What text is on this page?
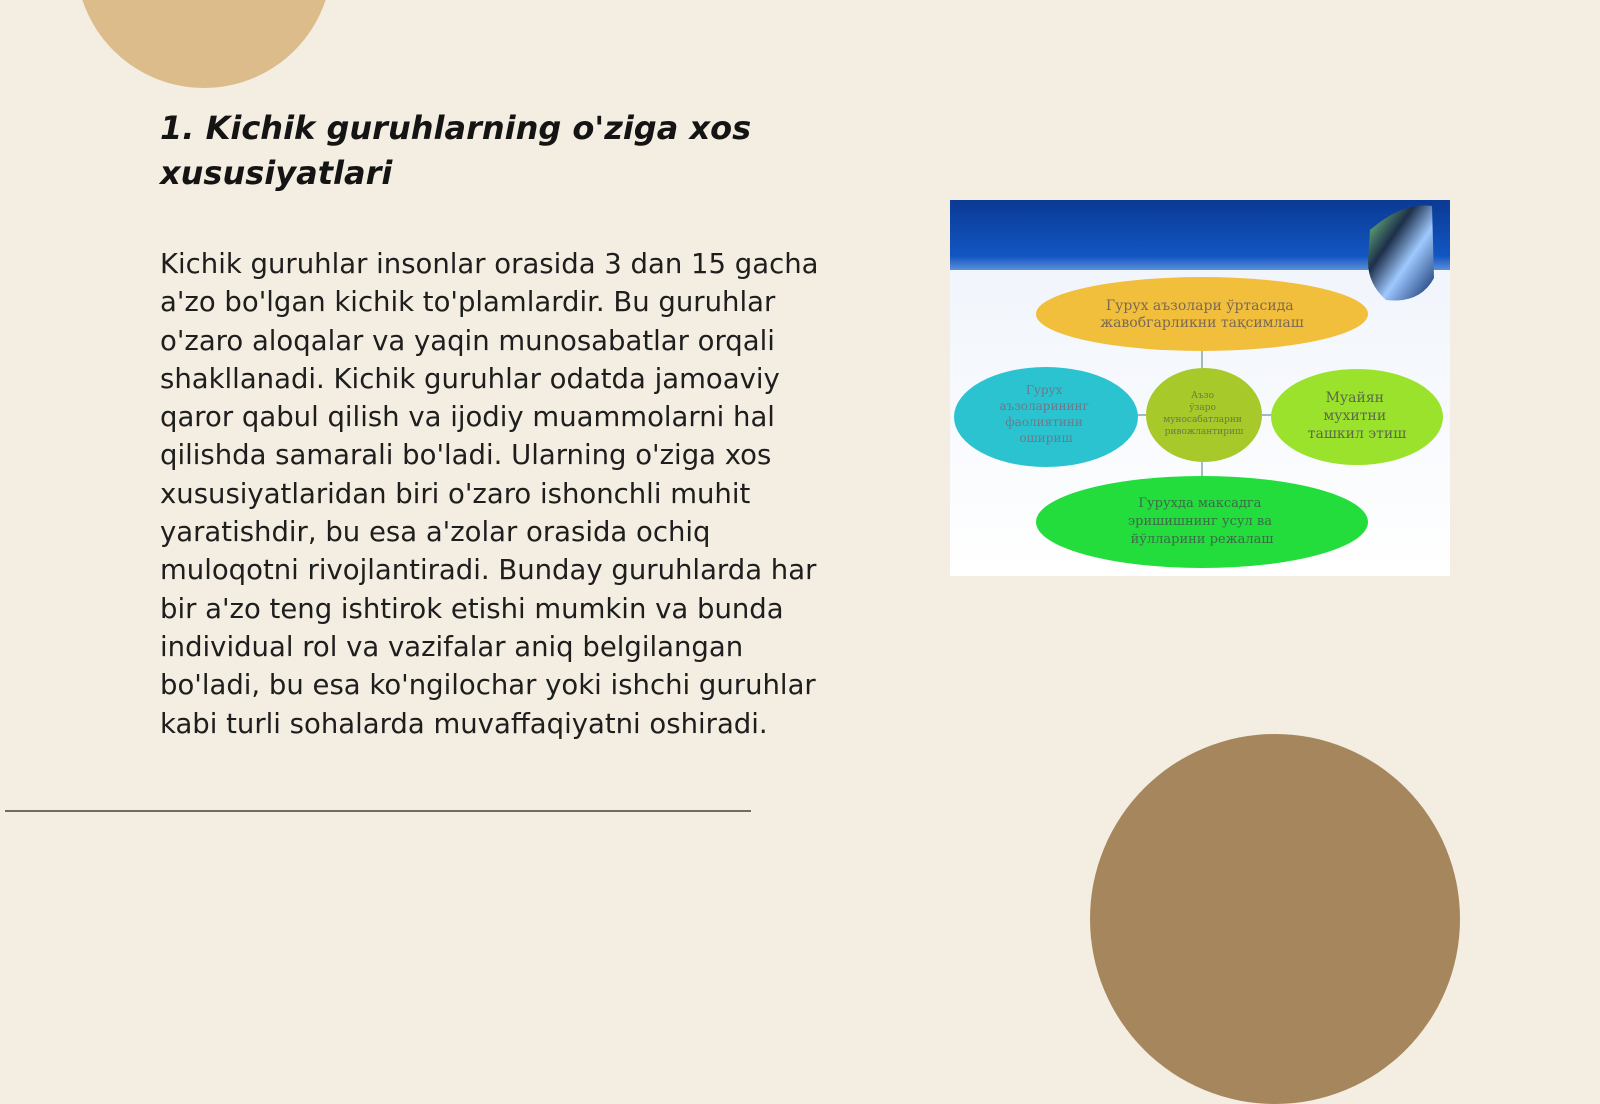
1. Kichik guruhlarning o'ziga xos xususiyatlari

Kichik guruhlar insonlar orasida 3 dan 15 gacha a'zo bo'lgan kichik to'plamlardir. Bu guruhlar o'zaro aloqalar va yaqin munosabatlar orqali shakllanadi. Kichik guruhlar odatda jamoaviy qaror qabul qilish va ijodiy muammolarni hal qilishda samarali bo'ladi. Ularning o'ziga xos xususiyatlaridan biri o'zaro ishonchli muhit yaratishdir, bu esa a'zolar orasida ochiq muloqotni rivojlantiradi. Bunday guruhlarda har bir a'zo teng ishtirok etishi mumkin va bunda individual rol va vazifalar aniq belgilangan bo'ladi, bu esa ko'ngilochar yoki ishchi guruhlar kabi turli sohalarda muvaffaqiyatni oshiradi.

Гурух аъзолари ўртасида жавобгарликни тақсимлаш
Гурух аъзоларининг фаолиятини ошириш
Аъзо ўзаро муносабатларни ривожлантириш
Муайян мухитни ташкил этиш
Гурухда максадга эришишнинг усул ва йўлларини режалаш
